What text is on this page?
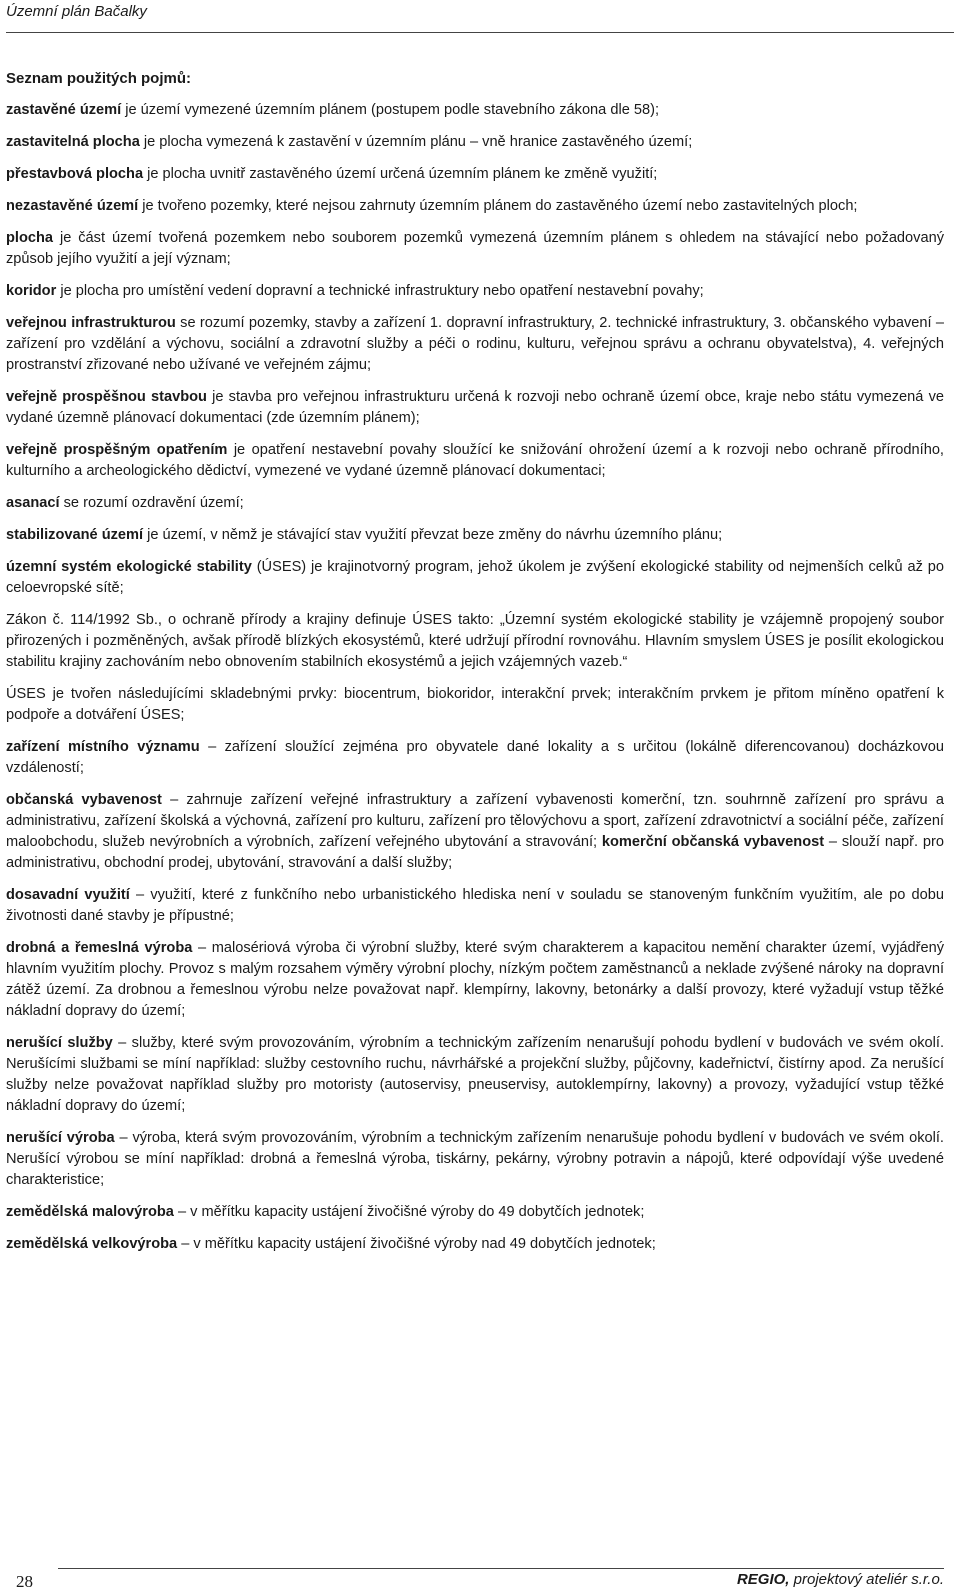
Územní plán Bačalky
Seznam použitých pojmů:

zastavěné území je území vymezené územním plánem (postupem podle stavebního zákona dle 58);

zastavitelná plocha je plocha vymezená k zastavění v územním plánu – vně hranice zastavěného území;

přestavbová plocha je plocha uvnitř zastavěného území určená územním plánem ke změně využití;

nezastavěné území je tvořeno pozemky, které nejsou zahrnuty územním plánem do zastavěného území nebo zastavitelných ploch;

plocha je část území tvořená pozemkem nebo souborem pozemků vymezená územním plánem s ohledem na stávající nebo požadovaný způsob jejího využití a její význam;

koridor je plocha pro umístění vedení dopravní a technické infrastruktury nebo opatření nestavební povahy;

veřejnou infrastrukturou se rozumí pozemky, stavby a zařízení 1. dopravní infrastruktury, 2. technické infrastruktury, 3. občanského vybavení – zařízení pro vzdělání a výchovu, sociální a zdravotní služby a péči o rodinu, kulturu, veřejnou správu a ochranu obyvatelstva), 4. veřejných prostranství zřizované nebo užívané ve veřejném zájmu;

veřejně prospěšnou stavbou je stavba pro veřejnou infrastrukturu určená k rozvoji nebo ochraně území obce, kraje nebo státu vymezená ve vydané územně plánovací dokumentaci (zde územním plánem);

veřejně prospěšným opatřením je opatření nestavební povahy sloužící ke snižování ohrožení území a k rozvoji nebo ochraně přírodního, kulturního a archeologického dědictví, vymezené ve vydané územně plánovací dokumentaci;

asanací se rozumí ozdravění území;

stabilizované území je území, v němž je stávající stav využití převzat beze změny do návrhu územního plánu;

územní systém ekologické stability (ÚSES) je krajinotvorný program, jehož úkolem je zvýšení ekologické stability od nejmenších celků až po celoevropské sítě;

Zákon č. 114/1992 Sb., o ochraně přírody a krajiny definuje ÚSES takto: „Územní systém ekologické stability je vzájemně propojený soubor přirozených i pozměněných, avšak přírodě blízkých ekosystémů, které udržují přírodní rovnováhu. Hlavním smyslem ÚSES je posílit ekologickou stabilitu krajiny zachováním nebo obnovením stabilních ekosystémů a jejich vzájemných vazeb.“

ÚSES je tvořen následujícími skladebnými prvky: biocentrum, biokoridor, interakční prvek; interakčním prvkem je přitom míněno opatření k podpoře a dotváření ÚSES;

zařízení místního významu – zařízení sloužící zejména pro obyvatele dané lokality a s určitou (lokálně diferencovanou) docházkovou vzdáleností;

občanská vybavenost – zahrnuje zařízení veřejné infrastruktury a zařízení vybavenosti komerční, tzn. souhrnně zařízení pro správu a administrativu, zařízení školská a výchovná, zařízení pro kulturu, zařízení pro tělovýchovu a sport, zařízení zdravotnictví a sociální péče, zařízení maloobchodu, služeb nevýrobních a výrobních, zařízení veřejného ubytování a stravování; komerční občanská vybavenost – slouží např. pro administrativu, obchodní prodej, ubytování, stravování a další služby;

dosavadní využití – využití, které z funkčního nebo urbanistického hlediska není v souladu se stanoveným funkčním využitím, ale po dobu životnosti dané stavby je přípustné;

drobná a řemeslná výroba – malosériová výroba či výrobní služby, které svým charakterem a kapacitou nemění charakter území, vyjádřený hlavním využitím plochy. Provoz s malým rozsahem výměry výrobní plochy, nízkým počtem zaměstnanců a neklade zvýšené nároky na dopravní zátěž území. Za drobnou a řemeslnou výrobu nelze považovat např. klempírny, lakovny, betonárky a další provozy, které vyžadují vstup těžké nákladní dopravy do území;

nerušící služby – služby, které svým provozováním, výrobním a technickým zařízením nenarušují pohodu bydlení v budovách ve svém okolí. Nerušícími službami se míní například: služby cestovního ruchu, návrhářské a projekční služby, půjčovny, kadeřnictví, čistírny apod. Za nerušící služby nelze považovat například služby pro motoristy (autoservisy, pneuservisy, autoklempírny, lakovny) a provozy, vyžadující vstup těžké nákladní dopravy do území;

nerušící výroba – výroba, která svým provozováním, výrobním a technickým zařízením nenarušuje pohodu bydlení v budovách ve svém okolí. Nerušící výrobou se míní například: drobná a řemeslná výroba, tiskárny, pekárny, výrobny potravin a nápojů, které odpovídají výše uvedené charakteristice;

zemědělská malovýroba – v měřítku kapacity ustájení živočišné výroby do 49 dobytčích jednotek;

zemědělská velkovýroba – v měřítku kapacity ustájení živočišné výroby nad 49 dobytčích jednotek;

28	REGIO, projektový ateliér s.r.o.
